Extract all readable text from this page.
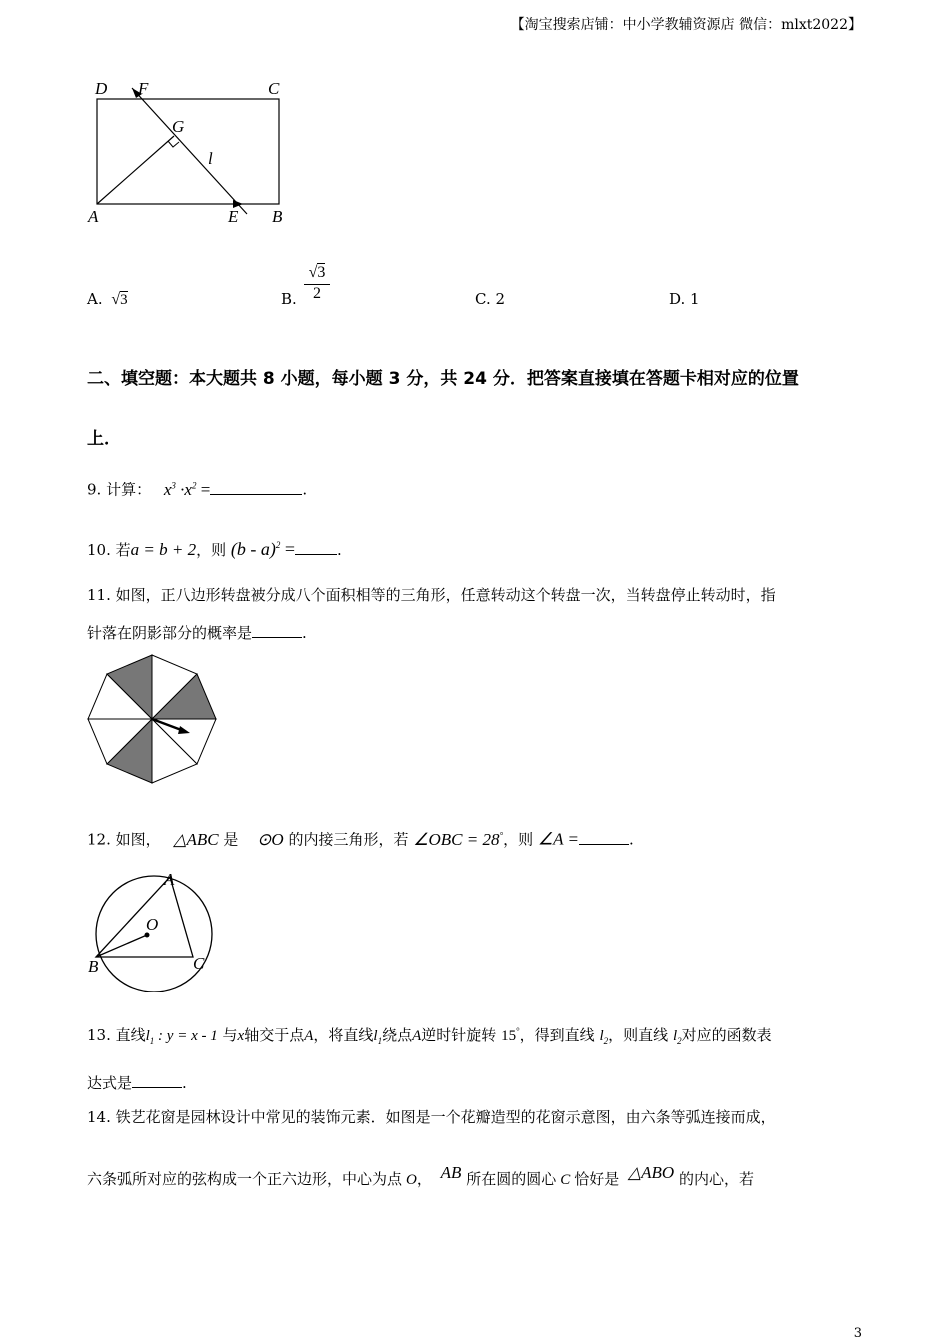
【淘宝搜索店铺：中小学教辅资源店 微信：mlxt2022】
D F	C
G
l
A	E B
A. √3	B.
√3
2	C. 2	D. 1
二、填空题：本大题共 8 小题，每小题 3 分，共 24 分．把答案直接填在答题卡相对应的位置
上．
9. 计算： $x^3 \cdot x^2$ =	.
10. 若a = b + 2，则 (b - a)$^2$ =	.
11. 如图，正八边形转盘被分成八个面积相等的三角形，任意转动这个转盘一次，当转盘停止转动时，指
针落在阴影部分的概率是	.
12. 如图， △ABC 是 ⊙O 的内接三角形，若 ∠OBC = 28°，则 ∠A =	.
A
O
B	C
13. 直线$l_1$ : y = x - 1 与x轴交于点A，将直线$l_1$绕点A逆时针旋转 15°，得到直线 $l_2$，则直线 $l_2$对应的函数表
达式是	.
14. 铁艺花窗是园林设计中常见的装饰元素．如图是一个花瓣造型的花窗示意图，由六条等弧连接而成，
六条弧所对应的弦构成一个正六边形，中心为点 O， AB 所在圆的圆心 C 恰好是 △ABO 的内心，若
3
